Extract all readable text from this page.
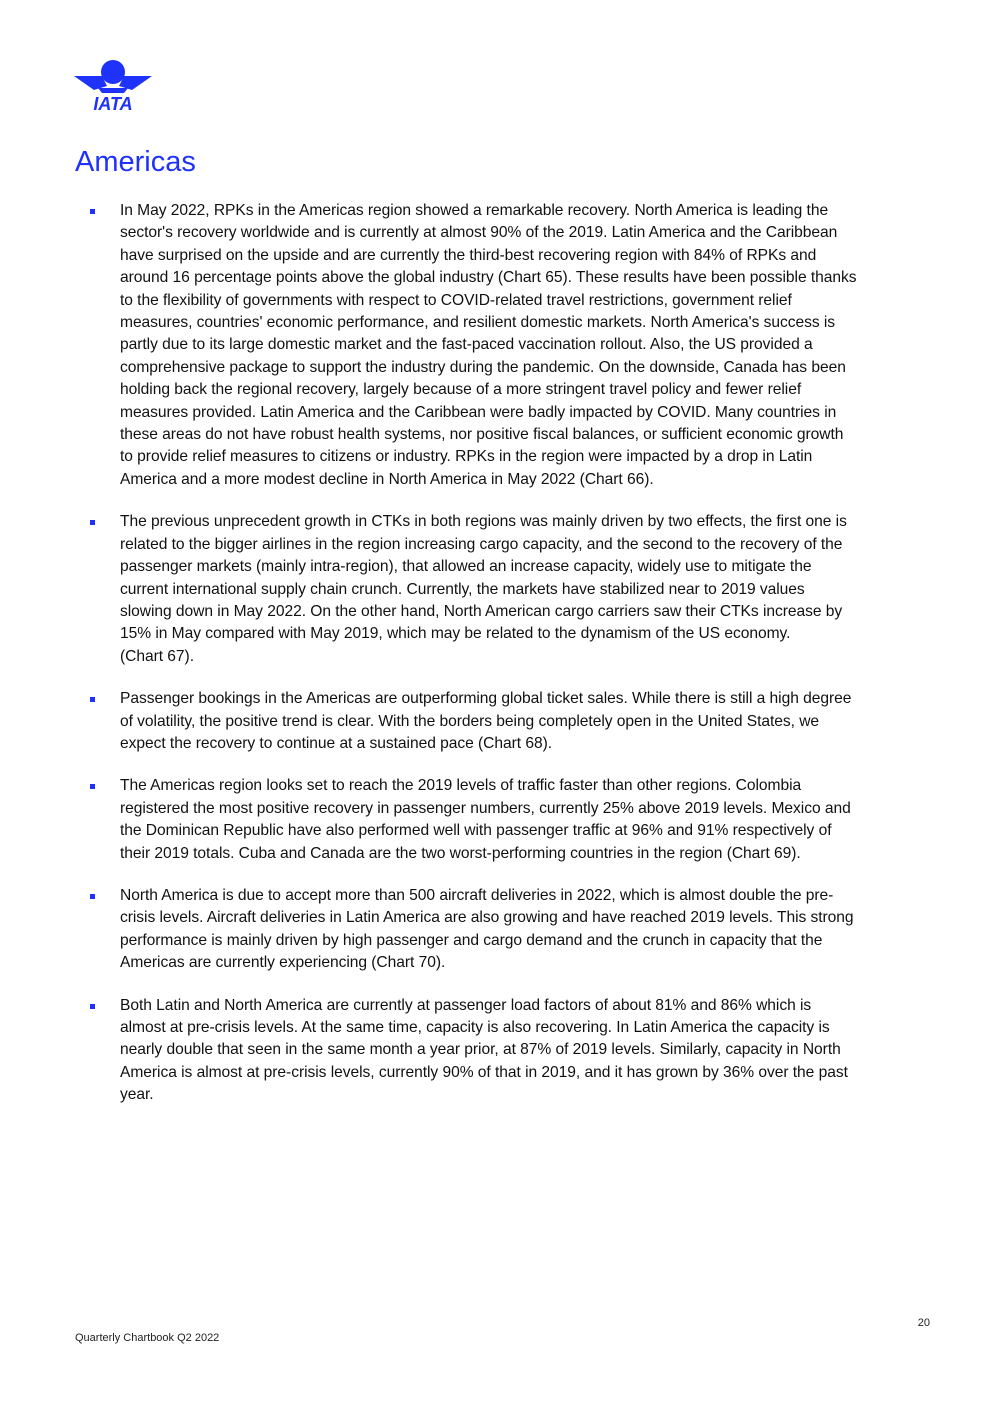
IATA
Americas
In May 2022, RPKs in the Americas region showed a remarkable recovery. North America is leading the
sector's recovery worldwide and is currently at almost 90% of the 2019. Latin America and the Caribbean
have surprised on the upside and are currently the third-best recovering region with 84% of RPKs and
around 16 percentage points above the global industry (Chart 65). These results have been possible thanks
to the flexibility of governments with respect to COVID-related travel restrictions, government relief
measures, countries' economic performance, and resilient domestic markets. North America's success is
partly due to its large domestic market and the fast-paced vaccination rollout. Also, the US provided a
comprehensive package to support the industry during the pandemic. On the downside, Canada has been
holding back the regional recovery, largely because of a more stringent travel policy and fewer relief
measures provided. Latin America and the Caribbean were badly impacted by COVID. Many countries in
these areas do not have robust health systems, nor positive fiscal balances, or sufficient economic growth
to provide relief measures to citizens or industry. RPKs in the region were impacted by a drop in Latin
America and a more modest decline in North America in May 2022 (Chart 66).
The previous unprecedent growth in CTKs in both regions was mainly driven by two effects, the first one is
related to the bigger airlines in the region increasing cargo capacity, and the second to the recovery of the
passenger markets (mainly intra-region), that allowed an increase capacity, widely use to mitigate the
current international supply chain crunch. Currently, the markets have stabilized near to 2019 values
slowing down in May 2022. On the other hand, North American cargo carriers saw their CTKs increase by
15% in May compared with May 2019, which may be related to the dynamism of the US economy.
(Chart 67).
Passenger bookings in the Americas are outperforming global ticket sales. While there is still a high degree
of volatility, the positive trend is clear. With the borders being completely open in the United States, we
expect the recovery to continue at a sustained pace (Chart 68).
The Americas region looks set to reach the 2019 levels of traffic faster than other regions. Colombia
registered the most positive recovery in passenger numbers, currently 25% above 2019 levels. Mexico and
the Dominican Republic have also performed well with passenger traffic at 96% and 91% respectively of
their 2019 totals. Cuba and Canada are the two worst-performing countries in the region (Chart 69).
North America is due to accept more than 500 aircraft deliveries in 2022, which is almost double the pre-
crisis levels. Aircraft deliveries in Latin America are also growing and have reached 2019 levels. This strong
performance is mainly driven by high passenger and cargo demand and the crunch in capacity that the
Americas are currently experiencing (Chart 70).
Both Latin and North America are currently at passenger load factors of about 81% and 86% which is
almost at pre-crisis levels. At the same time, capacity is also recovering. In Latin America the capacity is
nearly double that seen in the same month a year prior, at 87% of 2019 levels. Similarly, capacity in North
America is almost at pre-crisis levels, currently 90% of that in 2019, and it has grown by 36% over the past
year.
20
Quarterly Chartbook Q2 2022
